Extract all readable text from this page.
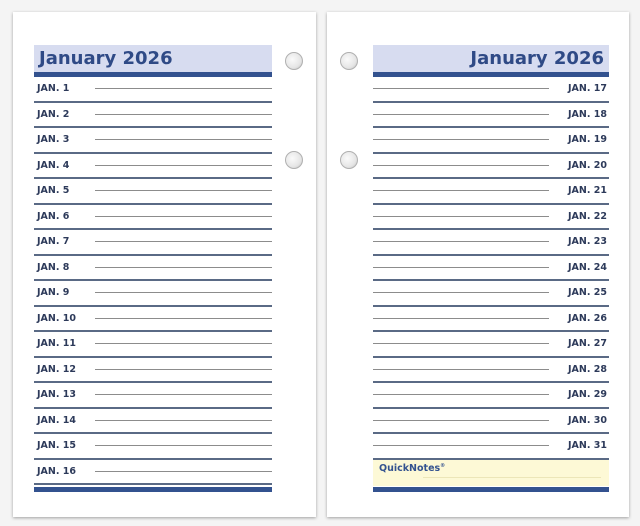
January 2026
JAN. 1
JAN. 2
JAN. 3
JAN. 4
JAN. 5
JAN. 6
JAN. 7
JAN. 8
JAN. 9
JAN. 10
JAN. 11
JAN. 12
JAN. 13
JAN. 14
JAN. 15
JAN. 16
January 2026
JAN. 17
JAN. 18
JAN. 19
JAN. 20
JAN. 21
JAN. 22
JAN. 23
JAN. 24
JAN. 25
JAN. 26
JAN. 27
JAN. 28
JAN. 29
JAN. 30
JAN. 31
QuickNotes®
